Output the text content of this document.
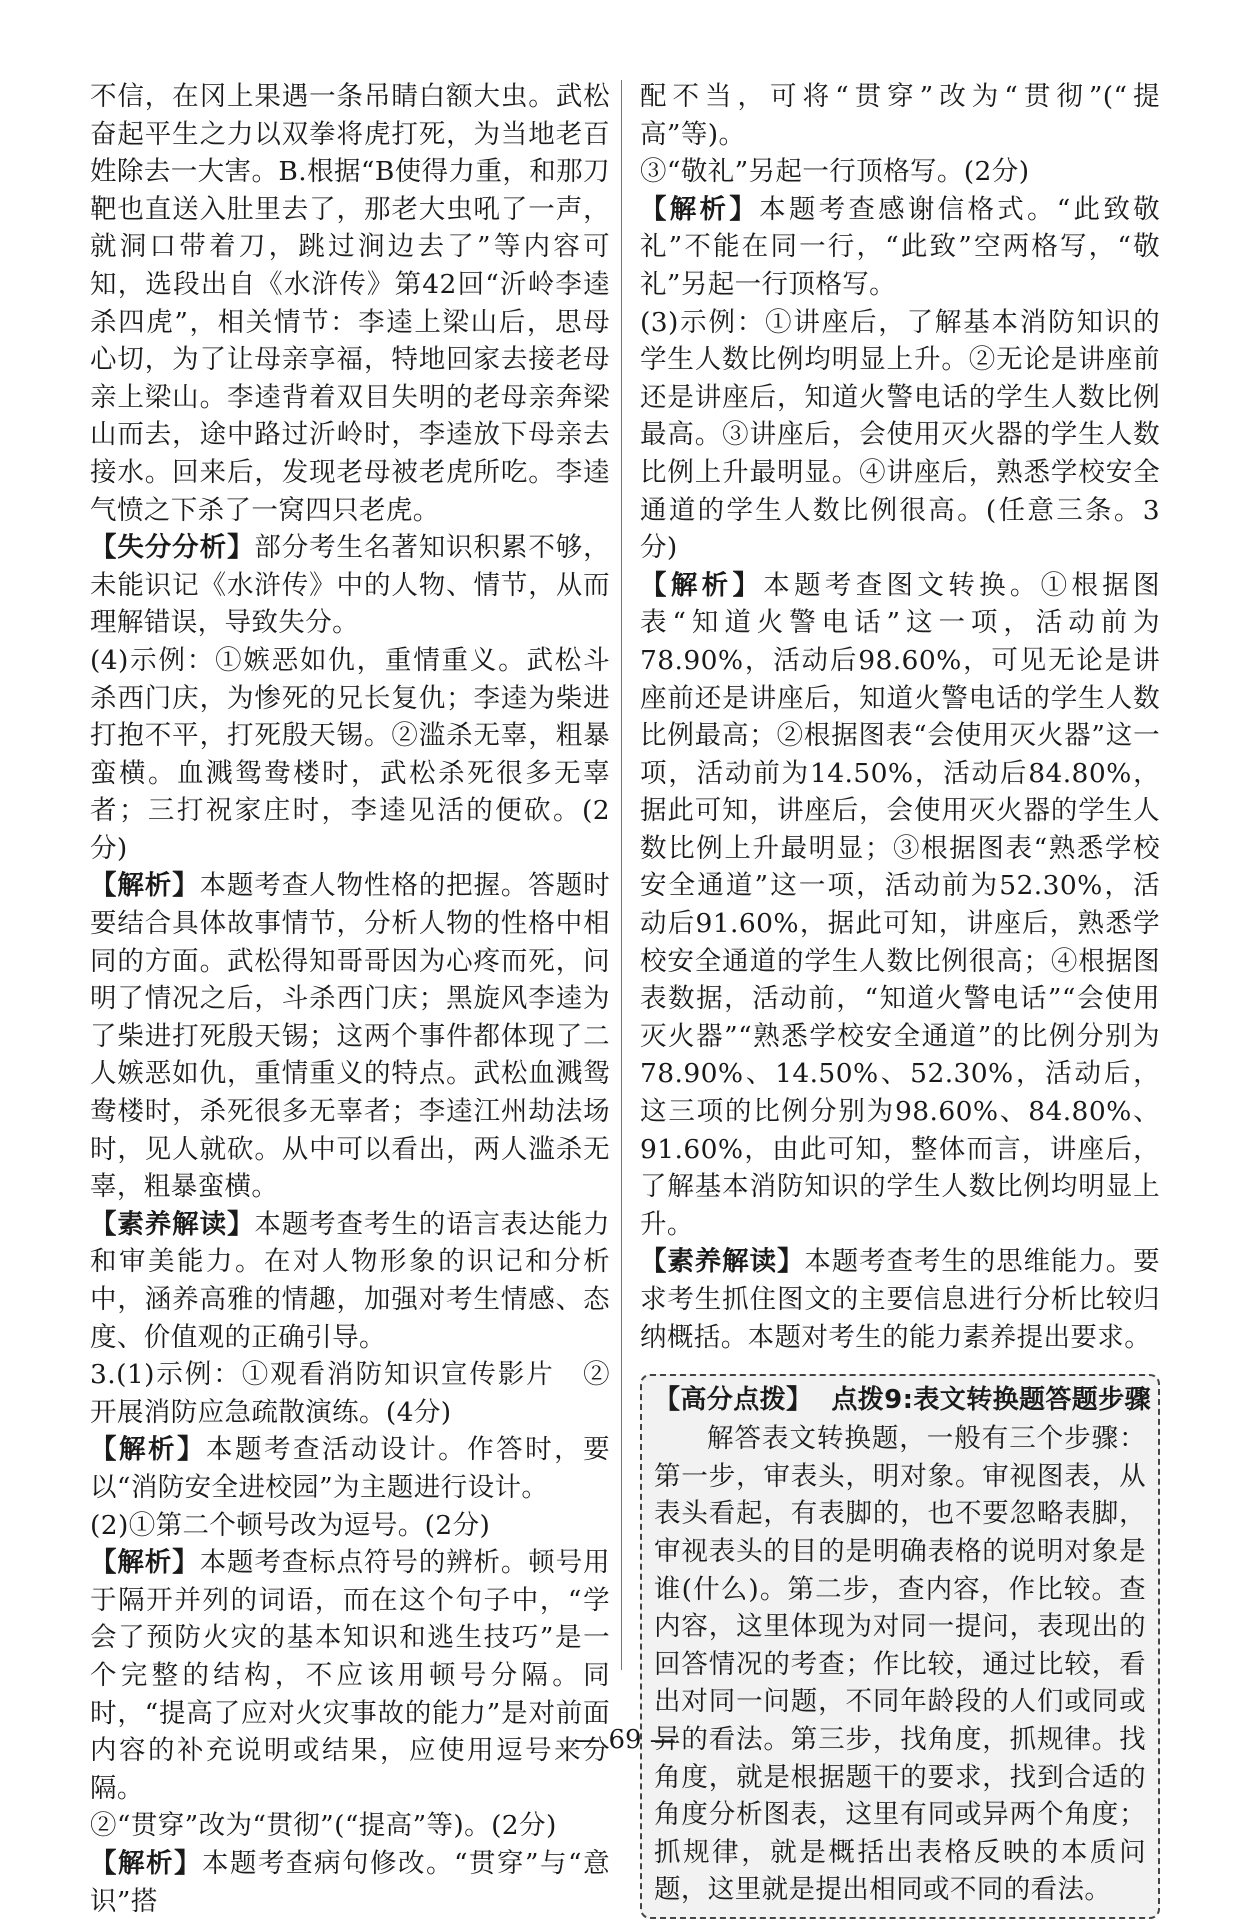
不信，在冈上果遇一条吊睛白额大虫。武松奋起平生之力以双拳将虎打死，为当地老百姓除去一大害。B.根据“B使得力重，和那刀靶也直送入肚里去了，那老大虫吼了一声，就洞口带着刀，跳过涧边去了”等内容可知，选段出自《水浒传》第42回“沂岭李逵杀四虎”，相关情节：李逵上梁山后，思母心切，为了让母亲享福，特地回家去接老母亲上梁山。李逵背着双目失明的老母亲奔梁山而去，途中路过沂岭时，李逵放下母亲去接水。回来后，发现老母被老虎所吃。李逵气愤之下杀了一窝四只老虎。

【失分分析】部分考生名著知识积累不够，未能识记《水浒传》中的人物、情节，从而理解错误，导致失分。

(4)示例：①嫉恶如仇，重情重义。武松斗杀西门庆，为惨死的兄长复仇；李逵为柴进打抱不平，打死殷天锡。②滥杀无辜，粗暴蛮横。血溅鸳鸯楼时，武松杀死很多无辜者；三打祝家庄时，李逵见活的便砍。(2分)

【解析】本题考查人物性格的把握。答题时要结合具体故事情节，分析人物的性格中相同的方面。武松得知哥哥因为心疼而死，问明了情况之后，斗杀西门庆；黑旋风李逵为了柴进打死殷天锡；这两个事件都体现了二人嫉恶如仇，重情重义的特点。武松血溅鸳鸯楼时，杀死很多无辜者；李逵江州劫法场时，见人就砍。从中可以看出，两人滥杀无辜，粗暴蛮横。

【素养解读】本题考查考生的语言表达能力和审美能力。在对人物形象的识记和分析中，涵养高雅的情趣，加强对考生情感、态度、价值观的正确引导。

3.(1)示例：①观看消防知识宣传影片　②开展消防应急疏散演练。(4分)

【解析】本题考查活动设计。作答时，要以“消防安全进校园”为主题进行设计。

(2)①第二个顿号改为逗号。(2分)

【解析】本题考查标点符号的辨析。顿号用于隔开并列的词语，而在这个句子中，“学会了预防火灾的基本知识和逃生技巧”是一个完整的结构，不应该用顿号分隔。同时，“提高了应对火灾事故的能力”是对前面内容的补充说明或结果，应使用逗号来分隔。

②“贯穿”改为“贯彻”(“提高”等)。(2分)

【解析】本题考查病句修改。“贯穿”与“意识”搭

配不当，可将“贯穿”改为“贯彻”(“提高”等)。

③“敬礼”另起一行顶格写。(2分)

【解析】本题考查感谢信格式。“此致敬礼”不能在同一行，“此致”空两格写，“敬礼”另起一行顶格写。

(3)示例：①讲座后，了解基本消防知识的学生人数比例均明显上升。②无论是讲座前还是讲座后，知道火警电话的学生人数比例最高。③讲座后，会使用灭火器的学生人数比例上升最明显。④讲座后，熟悉学校安全通道的学生人数比例很高。(任意三条。3分)

【解析】本题考查图文转换。①根据图表“知道火警电话”这一项，活动前为78.90%，活动后98.60%，可见无论是讲座前还是讲座后，知道火警电话的学生人数比例最高；②根据图表“会使用灭火器”这一项，活动前为14.50%，活动后84.80%，据此可知，讲座后，会使用灭火器的学生人数比例上升最明显；③根据图表“熟悉学校安全通道”这一项，活动前为52.30%，活动后91.60%，据此可知，讲座后，熟悉学校安全通道的学生人数比例很高；④根据图表数据，活动前，“知道火警电话”“会使用灭火器”“熟悉学校安全通道”的比例分别为78.90%、14.50%、52.30%，活动后，这三项的比例分别为98.60%、84.80%、91.60%，由此可知，整体而言，讲座后，了解基本消防知识的学生人数比例均明显上升。

【素养解读】本题考查考生的思维能力。要求考生抓住图文的主要信息进行分析比较归纳概括。本题对考生的能力素养提出要求。

【高分点拨】 点拨9:表文转换题答题步骤

解答表文转换题，一般有三个步骤：第一步，审表头，明对象。审视图表，从表头看起，有表脚的，也不要忽略表脚，审视表头的目的是明确表格的说明对象是谁(什么)。第二步，查内容，作比较。查内容，这里体现为对同一提问，表现出的回答情况的考查；作比较，通过比较，看出对同一问题，不同年龄段的人们或同或异的看法。第三步，找角度，抓规律。找角度，就是根据题干的要求，找到合适的角度分析图表，这里有同或异两个角度；抓规律，就是概括出表格反映的本质问题，这里就是提出相同或不同的看法。

— 69 —
